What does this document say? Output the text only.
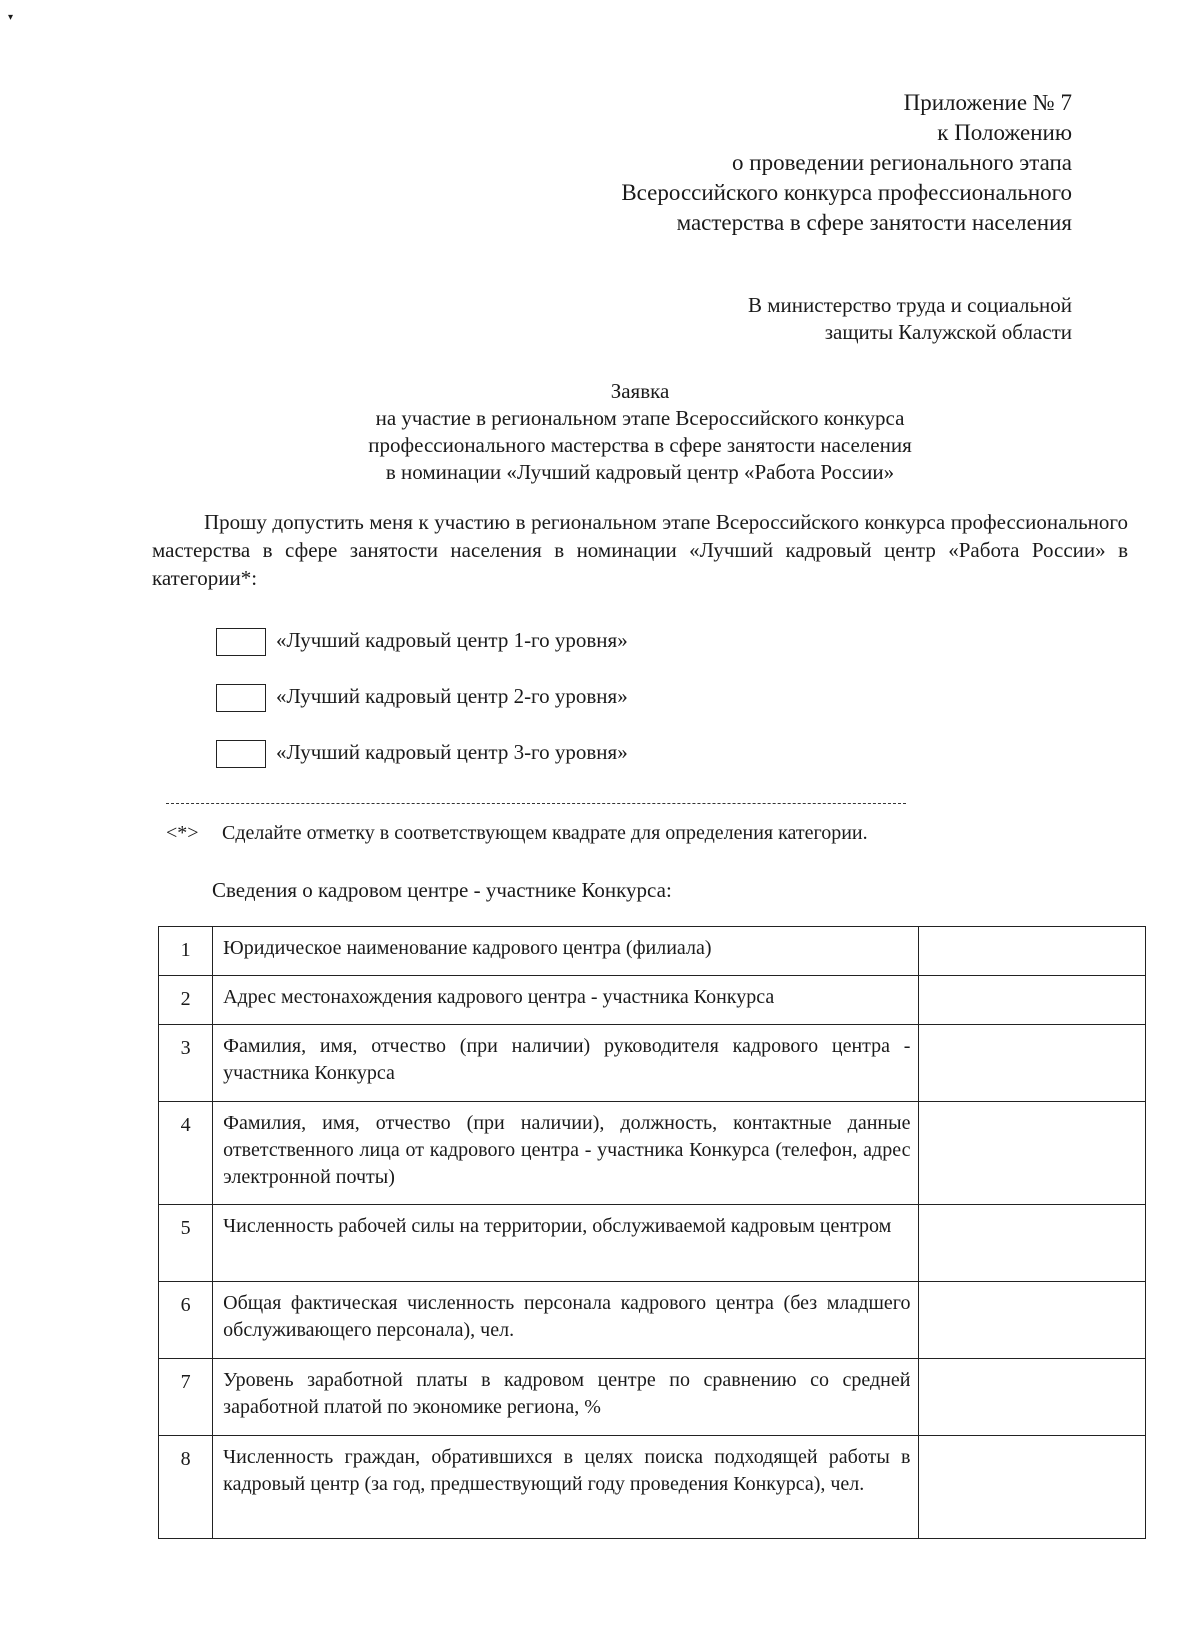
▾
Приложение № 7
к Положению
о проведении регионального этапа
Всероссийского конкурса профессионального
мастерства в сфере занятости населения
В министерство труда и социальной
защиты Калужской области
Заявка
на участие в региональном этапе Всероссийского конкурса
профессионального мастерства в сфере занятости населения
в номинации «Лучший кадровый центр «Работа России»
Прошу допустить меня к участию в региональном этапе Всероссийского конкурса профессионального мастерства в сфере занятости населения в номинации «Лучший кадровый центр «Работа России» в категории*:
«Лучший кадровый центр 1-го уровня»
«Лучший кадровый центр 2-го уровня»
«Лучший кадровый центр 3-го уровня»
<*> Сделайте отметку в соответствующем квадрате для определения категории.
Сведения о кадровом центре - участнике Конкурса:
1	Юридическое наименование кадрового центра (филиала)	
2	Адрес местонахождения кадрового центра - участника Конкурса	
3	Фамилия, имя, отчество (при наличии) руководителя кадрового центра - участника Конкурса	
4	Фамилия, имя, отчество (при наличии), должность, контактные данные ответственного лица от кадрового центра - участника Конкурса (телефон, адрес электронной почты)	
5	Численность рабочей силы на территории, обслуживаемой кадровым центром	
6	Общая фактическая численность персонала кадрового центра (без младшего обслуживающего персонала), чел.	
7	Уровень заработной платы в кадровом центре по сравнению со средней заработной платой по экономике региона, %	
8	Численность граждан, обратившихся в целях поиска подходящей работы в кадровый центр (за год, предшествующий году проведения Конкурса), чел.	
